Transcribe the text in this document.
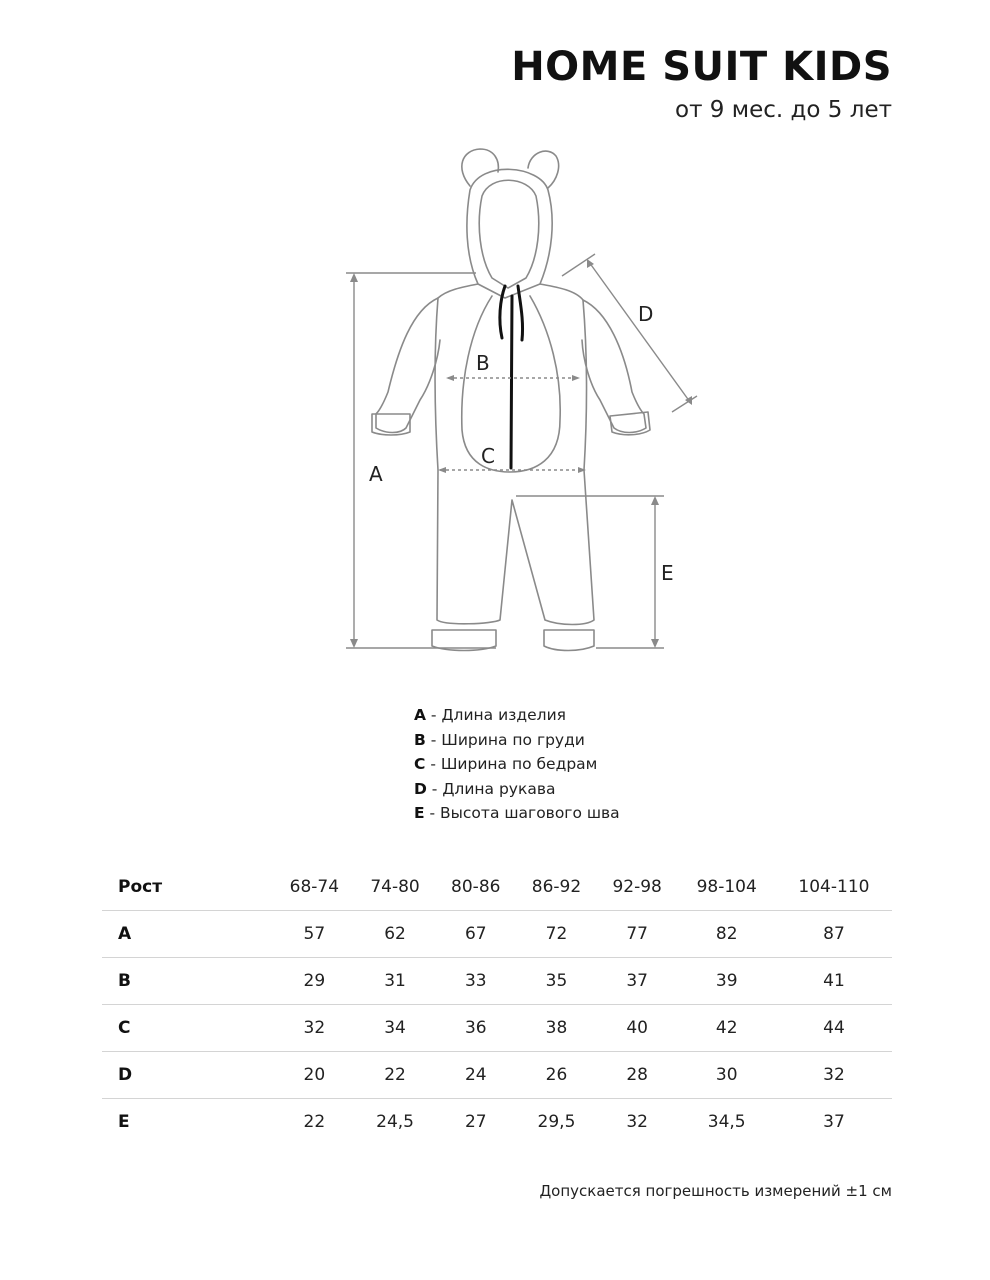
HOME SUIT KIDS
от 9 мес. до 5 лет
A
B
C
D
E
A - Длина изделия
B - Ширина по груди
C - Ширина по бедрам
D - Длина рукава
E - Высота шагового шва
Рост	68-74	74-80	80-86	86-92	92-98	98-104	104-110
A	57	62	67	72	77	82	87
B	29	31	33	35	37	39	41
C	32	34	36	38	40	42	44
D	20	22	24	26	28	30	32
E	22	24,5	27	29,5	32	34,5	37
Допускается погрешность измерений ±1 см
